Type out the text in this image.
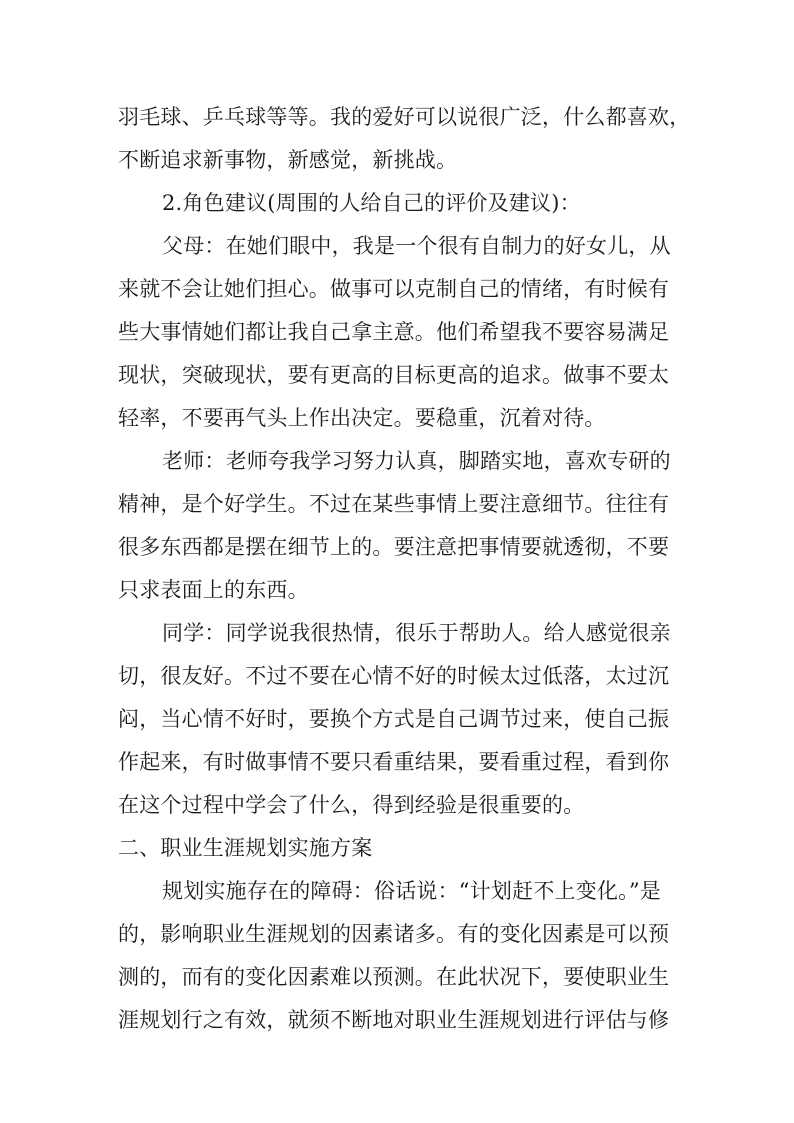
羽毛球、乒乓球等等。我的爱好可以说很广泛，什么都喜欢，
不断追求新事物，新感觉，新挑战。
2.角色建议(周围的人给自己的评价及建议)：
父母：在她们眼中，我是一个很有自制力的好女儿，从
来就不会让她们担心。做事可以克制自己的情绪，有时候有
些大事情她们都让我自己拿主意。他们希望我不要容易满足
现状，突破现状，要有更高的目标更高的追求。做事不要太
轻率，不要再气头上作出决定。要稳重，沉着对待。
老师：老师夸我学习努力认真，脚踏实地，喜欢专研的
精神，是个好学生。不过在某些事情上要注意细节。往往有
很多东西都是摆在细节上的。要注意把事情要就透彻，不要
只求表面上的东西。
同学：同学说我很热情，很乐于帮助人。给人感觉很亲
切，很友好。不过不要在心情不好的时候太过低落，太过沉
闷，当心情不好时，要换个方式是自己调节过来，使自己振
作起来，有时做事情不要只看重结果，要看重过程，看到你
在这个过程中学会了什么，得到经验是很重要的。
二、职业生涯规划实施方案
规划实施存在的障碍：俗话说：“计划赶不上变化。”是
的，影响职业生涯规划的因素诸多。有的变化因素是可以预
测的，而有的变化因素难以预测。在此状况下，要使职业生
涯规划行之有效，就须不断地对职业生涯规划进行评估与修
